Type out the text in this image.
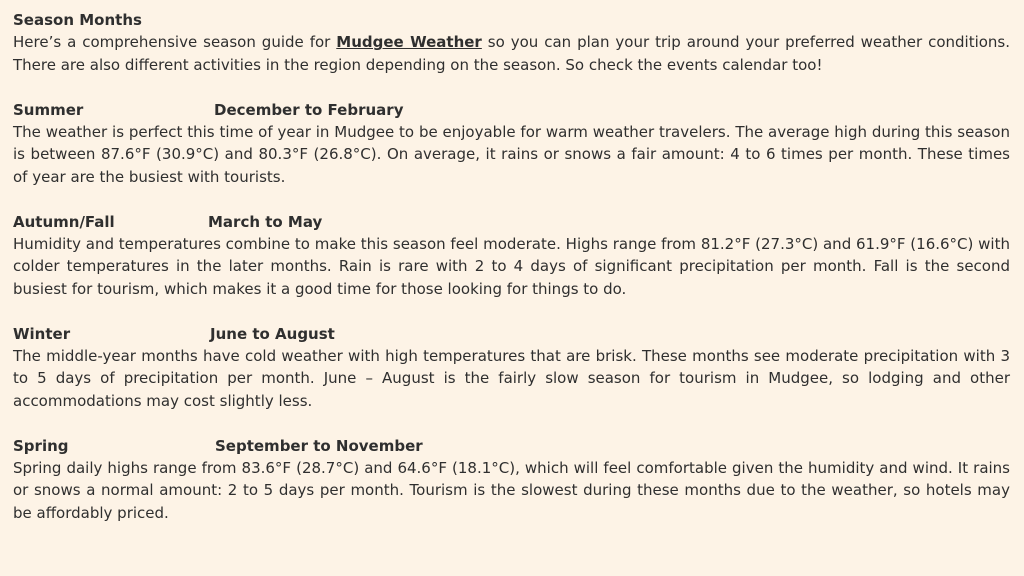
Season Months

Here’s a comprehensive season guide for Mudgee Weather so you can plan your trip around your preferred weather conditions. There are also different activities in the region depending on the season. So check the events calendar too!

Summer	December to February

The weather is perfect this time of year in Mudgee to be enjoyable for warm weather travelers. The average high during this season is between 87.6°F (30.9°C) and 80.3°F (26.8°C). On average, it rains or snows a fair amount: 4 to 6 times per month. These times of year are the busiest with tourists.

Autumn/Fall	March to May

Humidity and temperatures combine to make this season feel moderate. Highs range from 81.2°F (27.3°C) and 61.9°F (16.6°C) with colder temperatures in the later months. Rain is rare with 2 to 4 days of significant precipitation per month. Fall is the second busiest for tourism, which makes it a good time for those looking for things to do.

Winter	June to August

The middle-year months have cold weather with high temperatures that are brisk. These months see moderate precipitation with 3 to 5 days of precipitation per month. June – August is the fairly slow season for tourism in Mudgee, so lodging and other accommodations may cost slightly less.

Spring	September to November

Spring daily highs range from 83.6°F (28.7°C) and 64.6°F (18.1°C), which will feel comfortable given the humidity and wind. It rains or snows a normal amount: 2 to 5 days per month. Tourism is the slowest during these months due to the weather, so hotels may be affordably priced.
